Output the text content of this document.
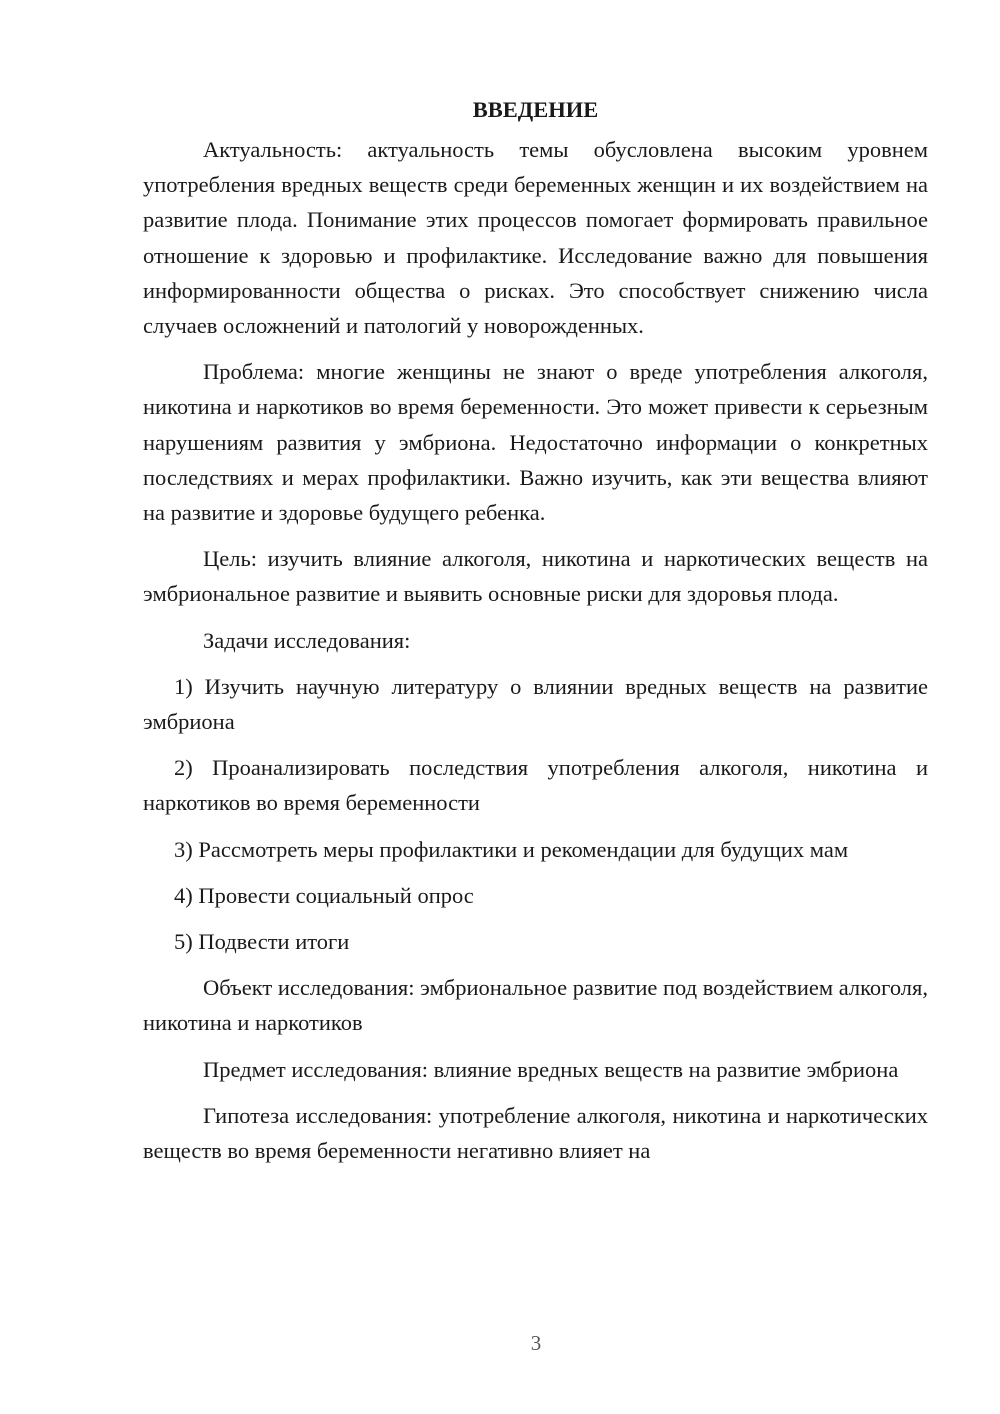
ВВЕДЕНИЕ

Актуальность: актуальность темы обусловлена высоким уровнем употребления вредных веществ среди беременных женщин и их воздействием на развитие плода. Понимание этих процессов помогает формировать правильное отношение к здоровью и профилактике. Исследование важно для повышения информированности общества о рисках. Это способствует снижению числа случаев осложнений и патологий у новорожденных.

Проблема: многие женщины не знают о вреде употребления алкоголя, никотина и наркотиков во время беременности. Это может привести к серьезным нарушениям развития у эмбриона. Недостаточно информации о конкретных последствиях и мерах профилактики. Важно изучить, как эти вещества влияют на развитие и здоровье будущего ребенка.

Цель: изучить влияние алкоголя, никотина и наркотических веществ на эмбриональное развитие и выявить основные риски для здоровья плода.

Задачи исследования:

1) Изучить научную литературу о влиянии вредных веществ на развитие эмбриона

2) Проанализировать последствия употребления алкоголя, никотина и наркотиков во время беременности

3) Рассмотреть меры профилактики и рекомендации для будущих мам

4) Провести социальный опрос

5) Подвести итоги

Объект исследования: эмбриональное развитие под воздействием алкоголя, никотина и наркотиков

Предмет исследования: влияние вредных веществ на развитие эмбриона

Гипотеза исследования: употребление алкоголя, никотина и наркотических веществ во время беременности негативно влияет на

3
